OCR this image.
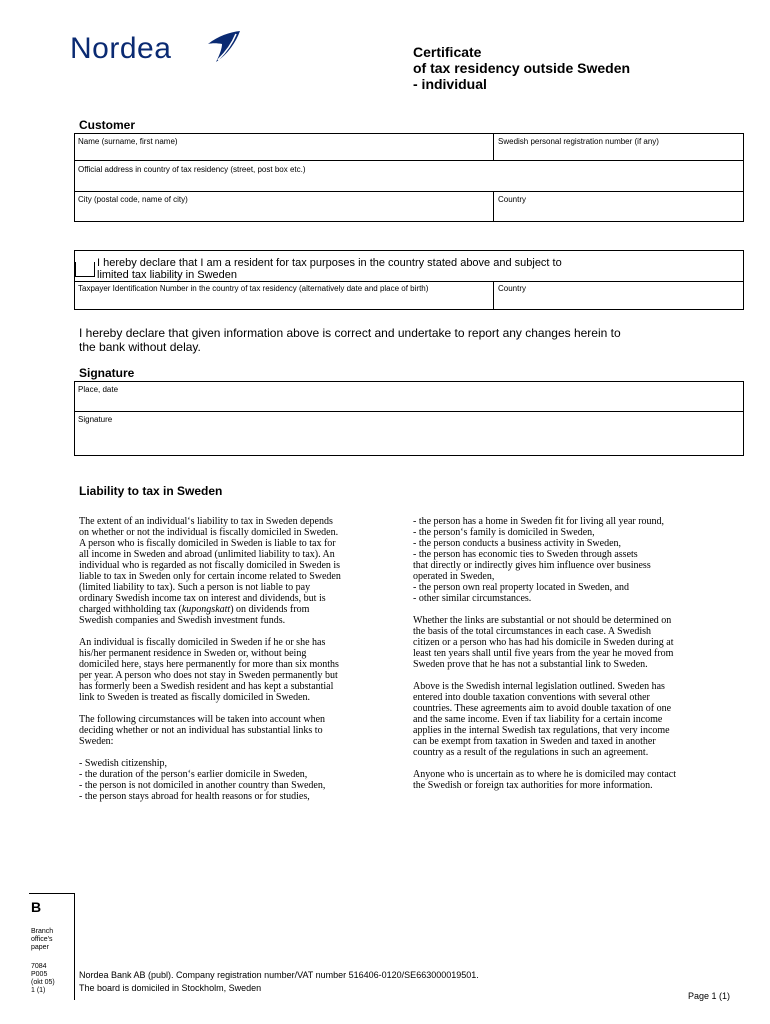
Nordea	Certificate
of tax residency outside Sweden
- individual
Customer
Name (surname, first name)	Swedish personal registration number (if any)
Official address in country of tax residency (street, post box etc.)
City (postal code, name of city)	Country
I hereby declare that I am a resident for tax purposes in the country stated above and subject to
limited tax liability in Sweden
Taxpayer Identification Number in the country of tax residency (alternatively date and place of birth)	Country
I hereby declare that given information above is correct and undertake to report any changes herein to
the bank without delay.
Signature
Place, date
Signature
Liability to tax in Sweden

The extent of an individual‘s liability to tax in Sweden depends
on whether or not the individual is fiscally domiciled in Sweden.
A person who is fiscally domiciled in Sweden is liable to tax for
all income in Sweden and abroad (unlimited liability to tax). An
individual who is regarded as not fiscally domiciled in Sweden is
liable to tax in Sweden only for certain income related to Sweden
(limited liability to tax). Such a person is not liable to pay
ordinary Swedish income tax on interest and dividends, but is
charged withholding tax (kupongskatt) on dividends from
Swedish companies and Swedish investment funds.

An individual is fiscally domiciled in Sweden if he or she has
his/her permanent residence in Sweden or, without being
domiciled here, stays here permanently for more than six months
per year. A person who does not stay in Sweden permanently but
has formerly been a Swedish resident and has kept a substantial
link to Sweden is treated as fiscally domiciled in Sweden.

The following circumstances will be taken into account when
deciding whether or not an individual has substantial links to
Sweden:

- Swedish citizenship,
- the duration of the person‘s earlier domicile in Sweden,
- the person is not domiciled in another country than Sweden,
- the person stays abroad for health reasons or for studies,

- the person has a home in Sweden fit for living all year round,
- the person‘s family is domiciled in Sweden,
- the person conducts a business activity in Sweden,
- the person has economic ties to Sweden through assets
that directly or indirectly gives him influence over business
operated in Sweden,
- the person own real property located in Sweden, and
- other similar circumstances.

Whether the links are substantial or not should be determined on
the basis of the total circumstances in each case. A Swedish
citizen or a person who has had his domicile in Sweden during at
least ten years shall until five years from the year he moved from
Sweden prove that he has not a substantial link to Sweden.

Above is the Swedish internal legislation outlined. Sweden has
entered into double taxation conventions with several other
countries. These agreements aim to avoid double taxation of one
and the same income. Even if tax liability for a certain income
applies in the internal Swedish tax regulations, that very income
can be exempt from taxation in Sweden and taxed in another
country as a result of the regulations in such an agreement.

Anyone who is uncertain as to where he is domiciled may contact
the Swedish or foreign tax authorities for more information.

B
Branch
office's
paper
7084
P005
(okt 05)
1 (1)
Nordea Bank AB (publ). Company registration number/VAT number 516406-0120/SE663000019501.
The board is domiciled in Stockholm, Sweden
Page 1 (1)
